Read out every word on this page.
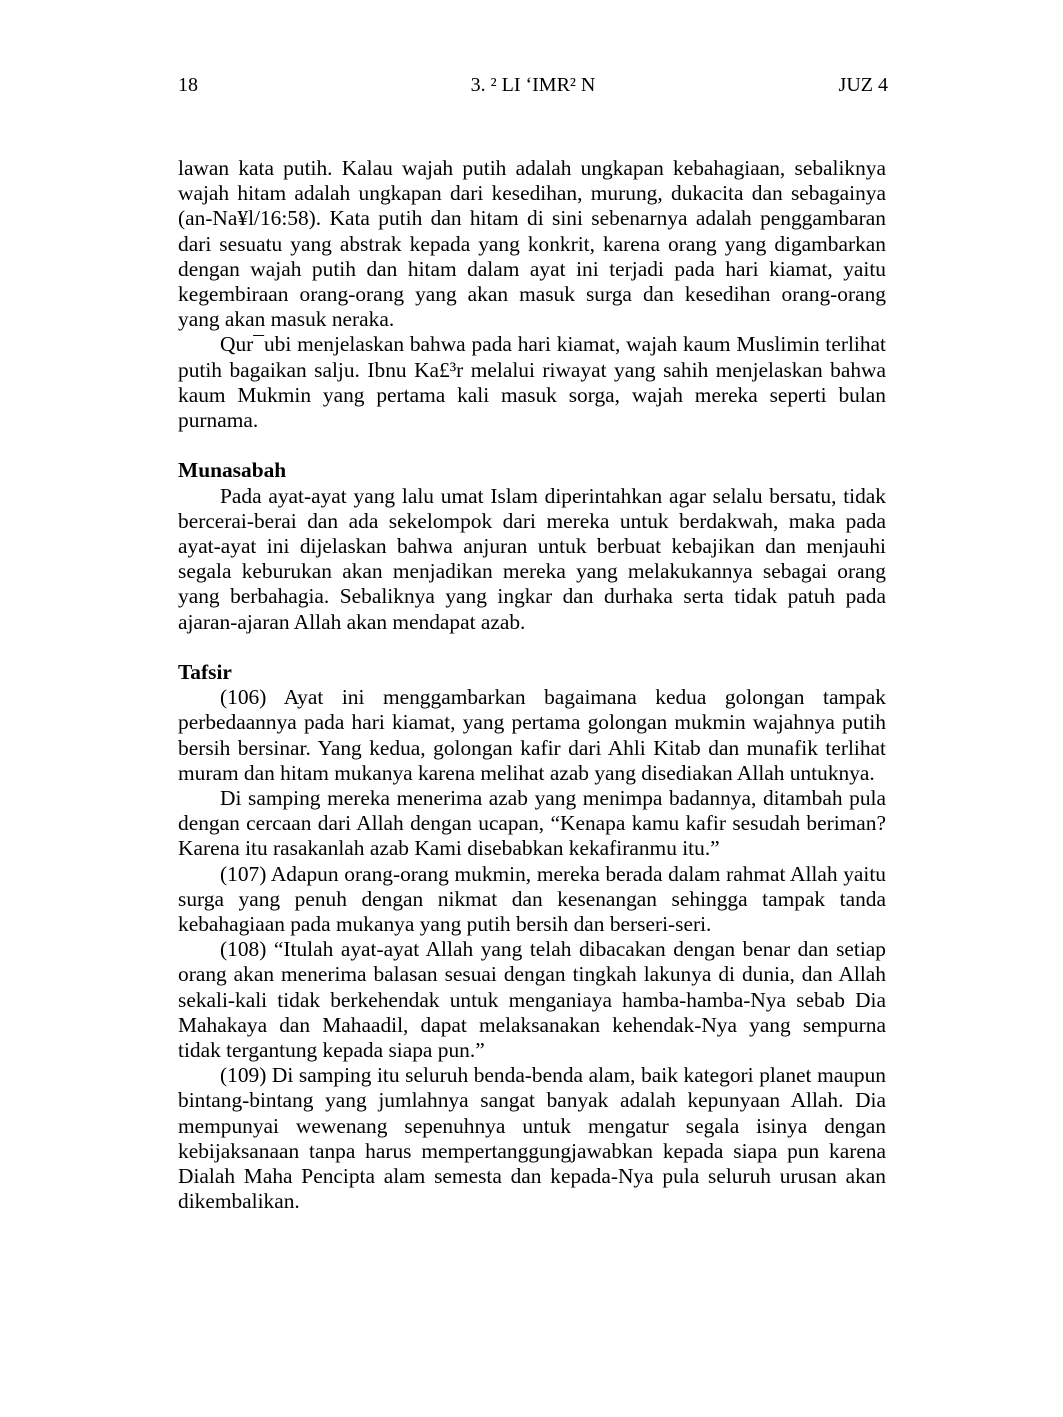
18	3. ² LI ‘IMR² N	JUZ 4

lawan kata putih. Kalau wajah putih adalah ungkapan kebahagiaan, sebaliknya wajah hitam adalah ungkapan dari kesedihan, murung, dukacita dan sebagainya (an-Na¥l/16:58). Kata putih dan hitam di sini sebenarnya adalah penggambaran dari sesuatu yang abstrak kepada yang konkrit, karena orang yang digambarkan dengan wajah putih dan hitam dalam ayat ini terjadi pada hari kiamat, yaitu kegembiraan orang-orang yang akan masuk surga dan kesedihan orang-orang yang akan masuk neraka.

Qur¯ubi menjelaskan bahwa pada hari kiamat, wajah kaum Muslimin terlihat putih bagaikan salju. Ibnu Ka£³r melalui riwayat yang sahih menjelaskan bahwa kaum Mukmin yang pertama kali masuk sorga, wajah mereka seperti bulan purnama.

Munasabah

Pada ayat-ayat yang lalu umat Islam diperintahkan agar selalu bersatu, tidak bercerai-berai dan ada sekelompok dari mereka untuk berdakwah, maka pada ayat-ayat ini dijelaskan bahwa anjuran untuk berbuat kebajikan dan menjauhi segala keburukan akan menjadikan mereka yang melakukannya sebagai orang yang berbahagia. Sebaliknya yang ingkar dan durhaka serta tidak patuh pada ajaran-ajaran Allah akan mendapat azab.

Tafsir

(106) Ayat ini menggambarkan bagaimana kedua golongan tampak perbedaannya pada hari kiamat, yang pertama golongan mukmin wajahnya putih bersih bersinar. Yang kedua, golongan kafir dari Ahli Kitab dan munafik terlihat muram dan hitam mukanya karena melihat azab yang disediakan Allah untuknya.

Di samping mereka menerima azab yang menimpa badannya, ditambah pula dengan cercaan dari Allah dengan ucapan, “Kenapa kamu kafir sesudah beriman? Karena itu rasakanlah azab Kami disebabkan kekafiranmu itu.”

(107) Adapun orang-orang mukmin, mereka berada dalam rahmat Allah yaitu surga yang penuh dengan nikmat dan kesenangan sehingga tampak tanda kebahagiaan pada mukanya yang putih bersih dan berseri-seri.

(108) “Itulah ayat-ayat Allah yang telah dibacakan dengan benar dan setiap orang akan menerima balasan sesuai dengan tingkah lakunya di dunia, dan Allah sekali-kali tidak berkehendak untuk menganiaya hamba-hamba-Nya sebab Dia Mahakaya dan Mahaadil, dapat melaksanakan kehendak-Nya yang sempurna tidak tergantung kepada siapa pun.”

(109) Di samping itu seluruh benda-benda alam, baik kategori planet maupun bintang-bintang yang jumlahnya sangat banyak adalah kepunyaan Allah. Dia mempunyai wewenang sepenuhnya untuk mengatur segala isinya dengan kebijaksanaan tanpa harus mempertanggungjawabkan kepada siapa pun karena Dialah Maha Pencipta alam semesta dan kepada-Nya pula seluruh urusan akan dikembalikan.
